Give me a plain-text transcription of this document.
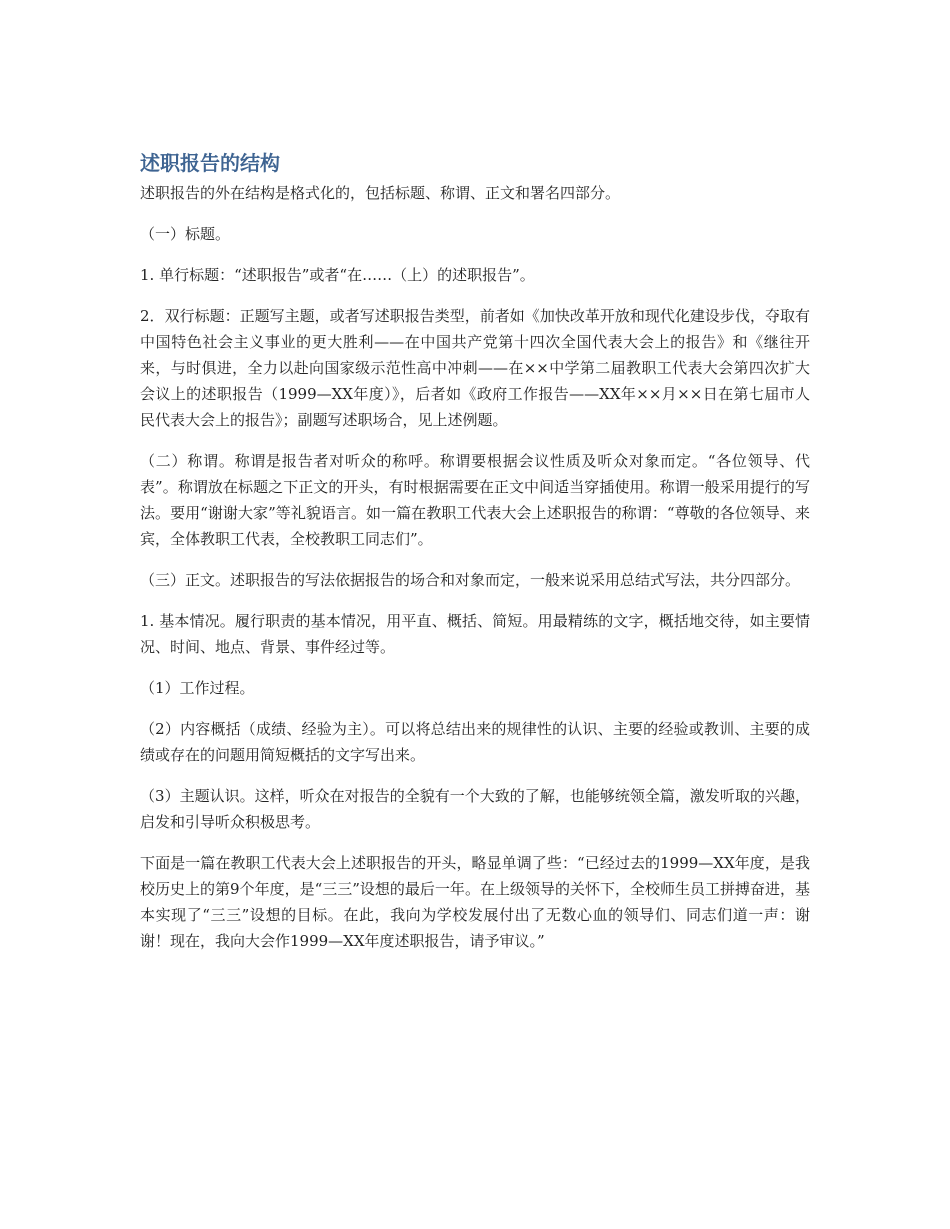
述职报告的结构

述职报告的外在结构是格式化的，包括标题、称谓、正文和署名四部分。

（一）标题。

1. 单行标题：“述职报告”或者“在……（上）的述职报告”。

2．双行标题：正题写主题，或者写述职报告类型，前者如《加快改革开放和现代化建设步伐，夺取有中国特色社会主义事业的更大胜利——在中国共产党第十四次全国代表大会上的报告》和《继往开来，与时俱进，全力以赴向国家级示范性高中冲刺——在××中学第二届教职工代表大会第四次扩大会议上的述职报告（1999—XX年度）》，后者如《政府工作报告——XX年××月××日在第七届市人民代表大会上的报告》；副题写述职场合，见上述例题。

（二）称谓。称谓是报告者对听众的称呼。称谓要根据会议性质及听众对象而定。“各位领导、代表”。称谓放在标题之下正文的开头，有时根据需要在正文中间适当穿插使用。称谓一般采用提行的写法。要用“谢谢大家”等礼貌语言。如一篇在教职工代表大会上述职报告的称谓：“尊敬的各位领导、来宾，全体教职工代表，全校教职工同志们”。

（三）正文。述职报告的写法依据报告的场合和对象而定，一般来说采用总结式写法，共分四部分。

1. 基本情况。履行职责的基本情况，用平直、概括、简短。用最精练的文字，概括地交待，如主要情况、时间、地点、背景、事件经过等。

（1）工作过程。

（2）内容概括（成绩、经验为主）。可以将总结出来的规律性的认识、主要的经验或教训、主要的成绩或存在的问题用简短概括的文字写出来。

（3）主题认识。这样，听众在对报告的全貌有一个大致的了解，也能够统领全篇，激发听取的兴趣，启发和引导听众积极思考。

下面是一篇在教职工代表大会上述职报告的开头，略显单调了些：“已经过去的1999—XX年度，是我校历史上的第9个年度，是“三三”设想的最后一年。在上级领导的关怀下，全校师生员工拼搏奋进，基本实现了“三三”设想的目标。在此，我向为学校发展付出了无数心血的领导们、同志们道一声：谢谢！现在，我向大会作1999—XX年度述职报告，请予审议。”
